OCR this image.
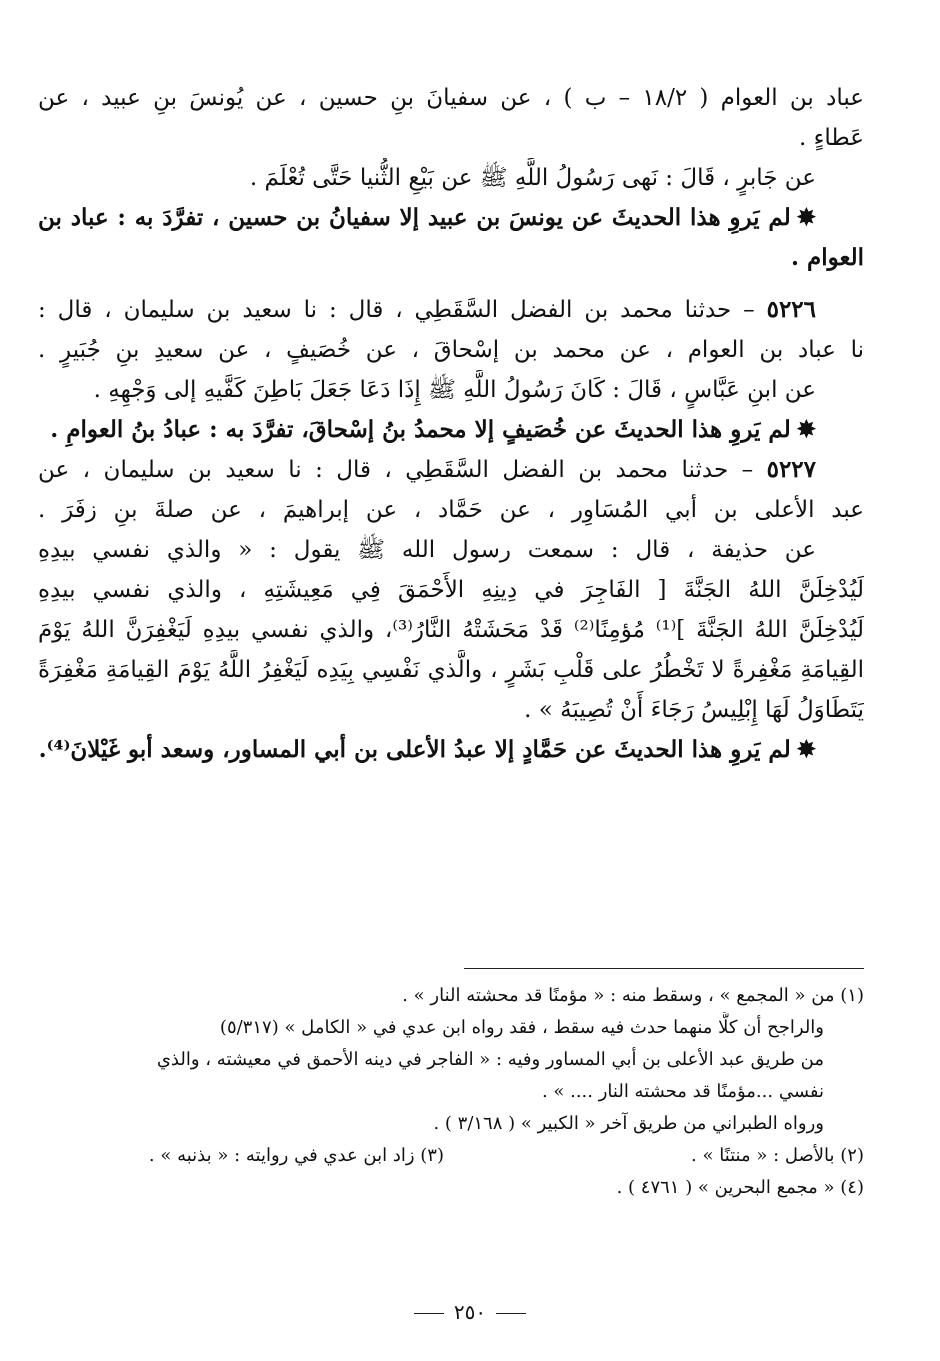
عباد بن العوام ( ١٨/٢ – ب ) ، عن سفيانَ بنِ حسين ، عن يُونسَ بنِ عبيد ، عن
عَطاءٍ .
عن جَابرٍ ، قَالَ : نَهى رَسُولُ اللَّهِ ﷺ عن بَيْعِ الثُّنيا حَتَّى تُعْلَمَ .
✸لم يَروِ هذا الحديثَ عن يونسَ بن عبيد إلا سفيانُ بن حسين ، تفرَّدَ به : عباد بن
العوام .
٥٢٢٦ – حدثنا محمد بن الفضل السَّقَطِي ، قال : نا سعيد بن سليمان ، قال :
نا عباد بن العوام ، عن محمد بن إسْحاقَ ، عن خُصَيفٍ ، عن سعيدِ بنِ جُبَيرٍ .
عن ابنِ عَبَّاسٍ ، قَالَ : كَانَ رَسُولُ اللَّهِ ﷺ إِذَا دَعَا جَعَلَ بَاطِنَ كَفَّيهِ إلى وَجْهِهِ .
✸لم يَروِ هذا الحديثَ عن خُصَيفٍ إلا محمدُ بنُ إسْحاقَ، تفرَّدَ به : عبادُ بنُ العوامِ .
٥٢٢٧ – حدثنا محمد بن الفضل السَّقَطِي ، قال : نا سعيد بن سليمان ، عن
عبد الأعلى بن أبي المُسَاوِر ، عن حَمَّاد ، عن إبراهيمَ ، عن صلةَ بنِ زفَرَ .
عن حذيفة ، قال : سمعت رسول الله ﷺ يقول : « والذي نفسي بيدِهِ
لَيُدْخِلَنَّ اللهُ الجَنَّةَ [ الفَاجِرَ في دِينِهِ الأَحْمَقَ فِي مَعِيشَتِهِ ، والذي نفسي بيدِهِ
لَيُدْخِلَنَّ اللهُ الجَنَّةَ ]⁽¹⁾ مُؤمِنًا⁽²⁾ قَدْ مَحَشَتْهُ النَّارُ⁽³⁾، والذي نفسي بيدِهِ لَيَغْفِرَنَّ اللهُ يَوْمَ
القِيامَةِ مَغْفِرةً لا تَخْطُرُ على قَلْبِ بَشَرٍ ، والَّذي نَفْسِي بِيَدِه لَيَغْفِرُ اللَّهُ يَوْمَ القِيامَةِ مَغْفِرَةً
يَتَطَاوَلُ لَهَا إِبْلِيسُ رَجَاءَ أَنْ تُصِيبَهُ » .
✸لم يَروِ هذا الحديثَ عن حَمَّادٍ إلا عبدُ الأعلى بن أبي المساور، وسعد أبو غَيْلانَ⁽⁴⁾.
(١) من « المجمع » ، وسقط منه : « مؤمنًا قد محشته النار » .
والراجح أن كلًّا منهما حدث فيه سقط ، فقد رواه ابن عدي في « الكامل » (٥/٣١٧)
من طريق عبد الأعلى بن أبي المساور وفيه : « الفاجر في دينه الأحمق في معيشته ، والذي
نفسي ...مؤمنًا قد محشته النار .... » .
ورواه الطبراني من طريق آخر « الكبير » ( ٣/١٦٨ ) .
(٢) بالأصل : « منتنًا » .(٣) زاد ابن عدي في روايته : « بذنبه » .
(٤) « مجمع البحرين » ( ٤٧٦١ ) .
٢٥٠
